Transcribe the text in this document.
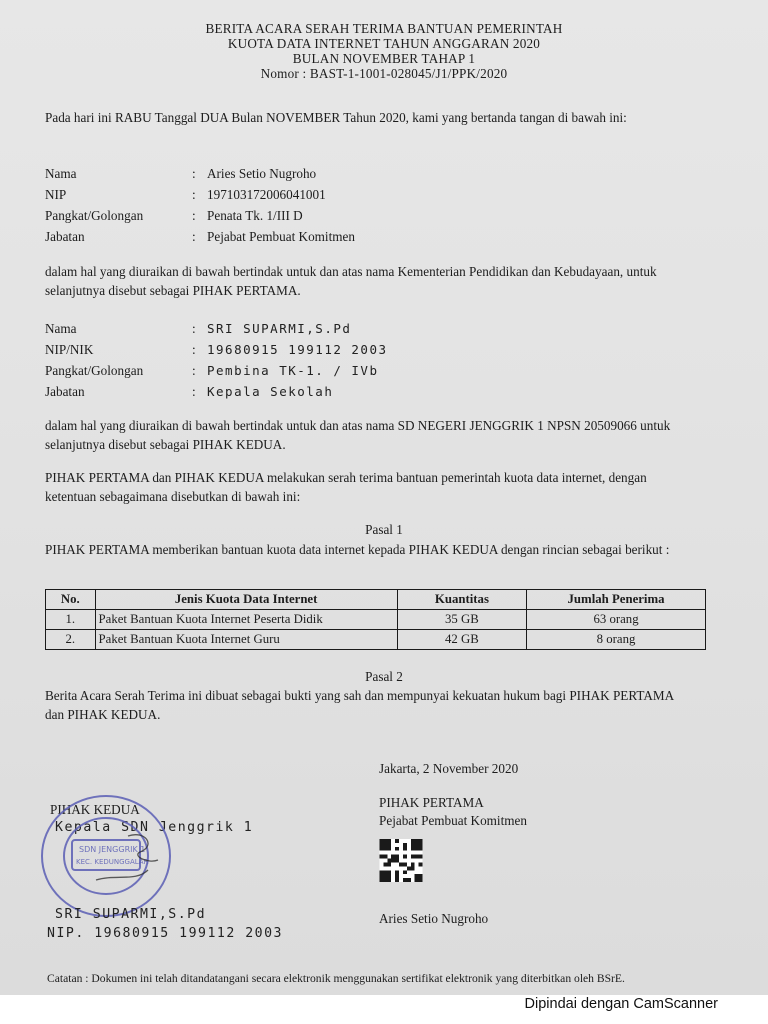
BERITA ACARA SERAH TERIMA BANTUAN PEMERINTAH
KUOTA DATA INTERNET TAHUN ANGGARAN 2020
BULAN NOVEMBER TAHAP 1
Nomor : BAST-1-1001-028045/J1/PPK/2020
Pada hari ini RABU Tanggal DUA Bulan NOVEMBER Tahun 2020, kami yang bertanda tangan di bawah ini:
Nama	: Aries Setio Nugroho
NIP	: 197103172006041001
Pangkat/Golongan	: Penata Tk. 1/III D
Jabatan	: Pejabat Pembuat Komitmen
dalam hal yang diuraikan di bawah bertindak untuk dan atas nama Kementerian Pendidikan dan Kebudayaan, untuk selanjutnya disebut sebagai PIHAK PERTAMA.
Nama	: SRI SUPARMI,S.Pd
NIP/NIK	: 19680915 199112 2003
Pangkat/Golongan	: Pembina TK-1. / IVb
Jabatan	: Kepala Sekolah
dalam hal yang diuraikan di bawah bertindak untuk dan atas nama SD NEGERI JENGGRIK 1 NPSN 20509066 untuk selanjutnya disebut sebagai PIHAK KEDUA.
PIHAK PERTAMA dan PIHAK KEDUA melakukan serah terima bantuan pemerintah kuota data internet, dengan ketentuan sebagaimana disebutkan di bawah ini:
Pasal 1
PIHAK PERTAMA memberikan bantuan kuota data internet kepada PIHAK KEDUA dengan rincian sebagai berikut :
No.	Jenis Kuota Data Internet	Kuantitas	Jumlah Penerima
1.	Paket Bantuan Kuota Internet Peserta Didik	35 GB	63 orang
2.	Paket Bantuan Kuota Internet Guru	42 GB	8 orang
Pasal 2
Berita Acara Serah Terima ini dibuat sebagai bukti yang sah dan mempunyai kekuatan hukum bagi PIHAK PERTAMA dan PIHAK KEDUA.
Jakarta, 2 November 2020
PIHAK PERTAMA
Pejabat Pembuat Komitmen
Aries Setio Nugroho
PIHAK KEDUA
Kepala SDN Jenggrik 1
SDN JENGGRIK 1
KEC. KEDUNGGALAR
SRI SUPARMI,S.Pd
NIP. 19680915 199112 2003
Catatan : Dokumen ini telah ditandatangani secara elektronik menggunakan sertifikat elektronik yang diterbitkan oleh BSrE.
Dipindai dengan CamScanner
